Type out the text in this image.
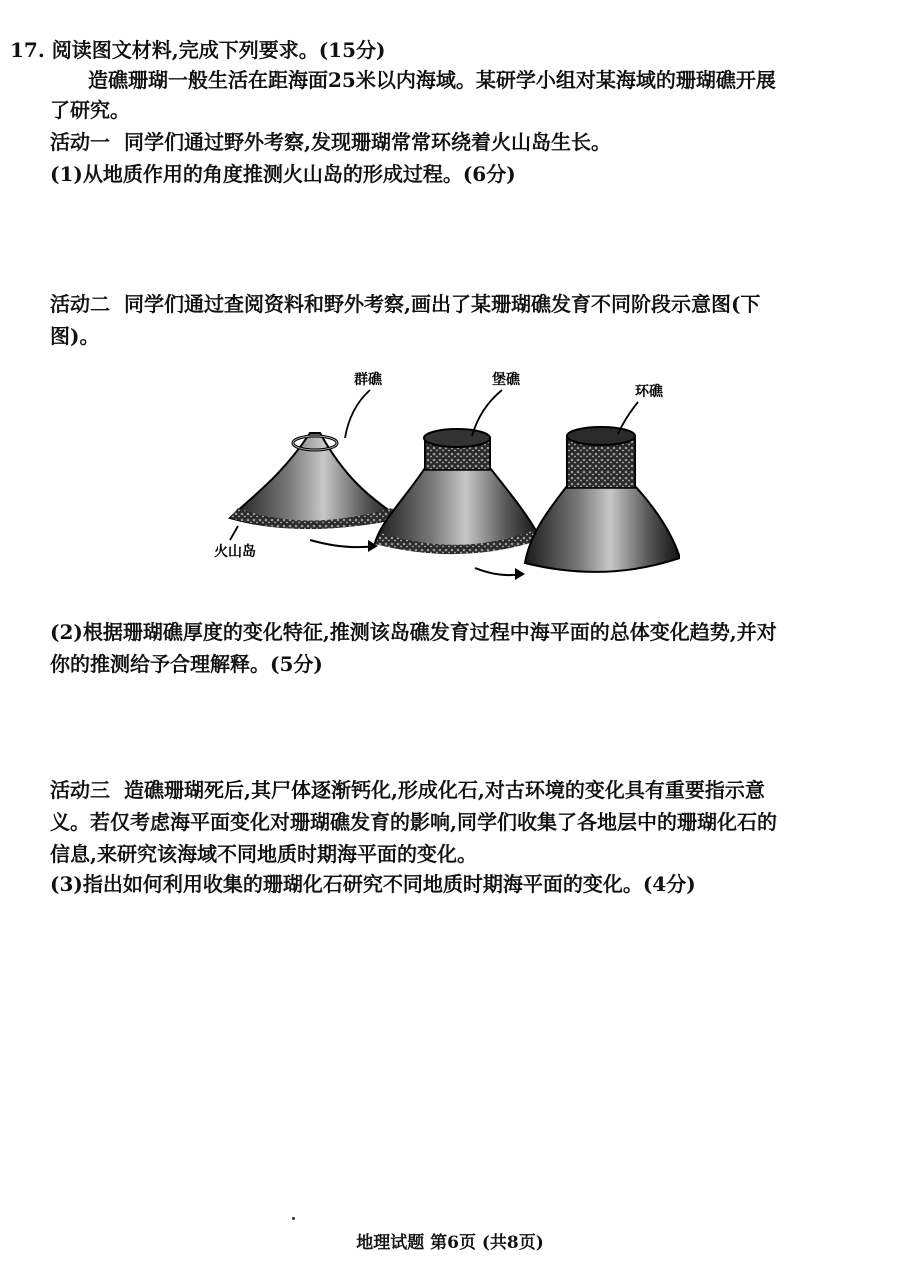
17. 阅读图文材料,完成下列要求。(15分)
造礁珊瑚一般生活在距海面25米以内海域。某研学小组对某海域的珊瑚礁开展
了研究。
活动一 同学们通过野外考察,发现珊瑚常常环绕着火山岛生长。
(1)从地质作用的角度推测火山岛的形成过程。(6分)
活动二 同学们通过查阅资料和野外考察,画出了某珊瑚礁发育不同阶段示意图(下
图)。
群礁	堡礁
环礁
火山岛
(2)根据珊瑚礁厚度的变化特征,推测该岛礁发育过程中海平面的总体变化趋势,并对
你的推测给予合理解释。(5分)
活动三 造礁珊瑚死后,其尸体逐渐钙化,形成化石,对古环境的变化具有重要指示意
义。若仅考虑海平面变化对珊瑚礁发育的影响,同学们收集了各地层中的珊瑚化石的
信息,来研究该海域不同地质时期海平面的变化。
(3)指出如何利用收集的珊瑚化石研究不同地质时期海平面的变化。(4分)
地理试题 第6页 (共8页)
